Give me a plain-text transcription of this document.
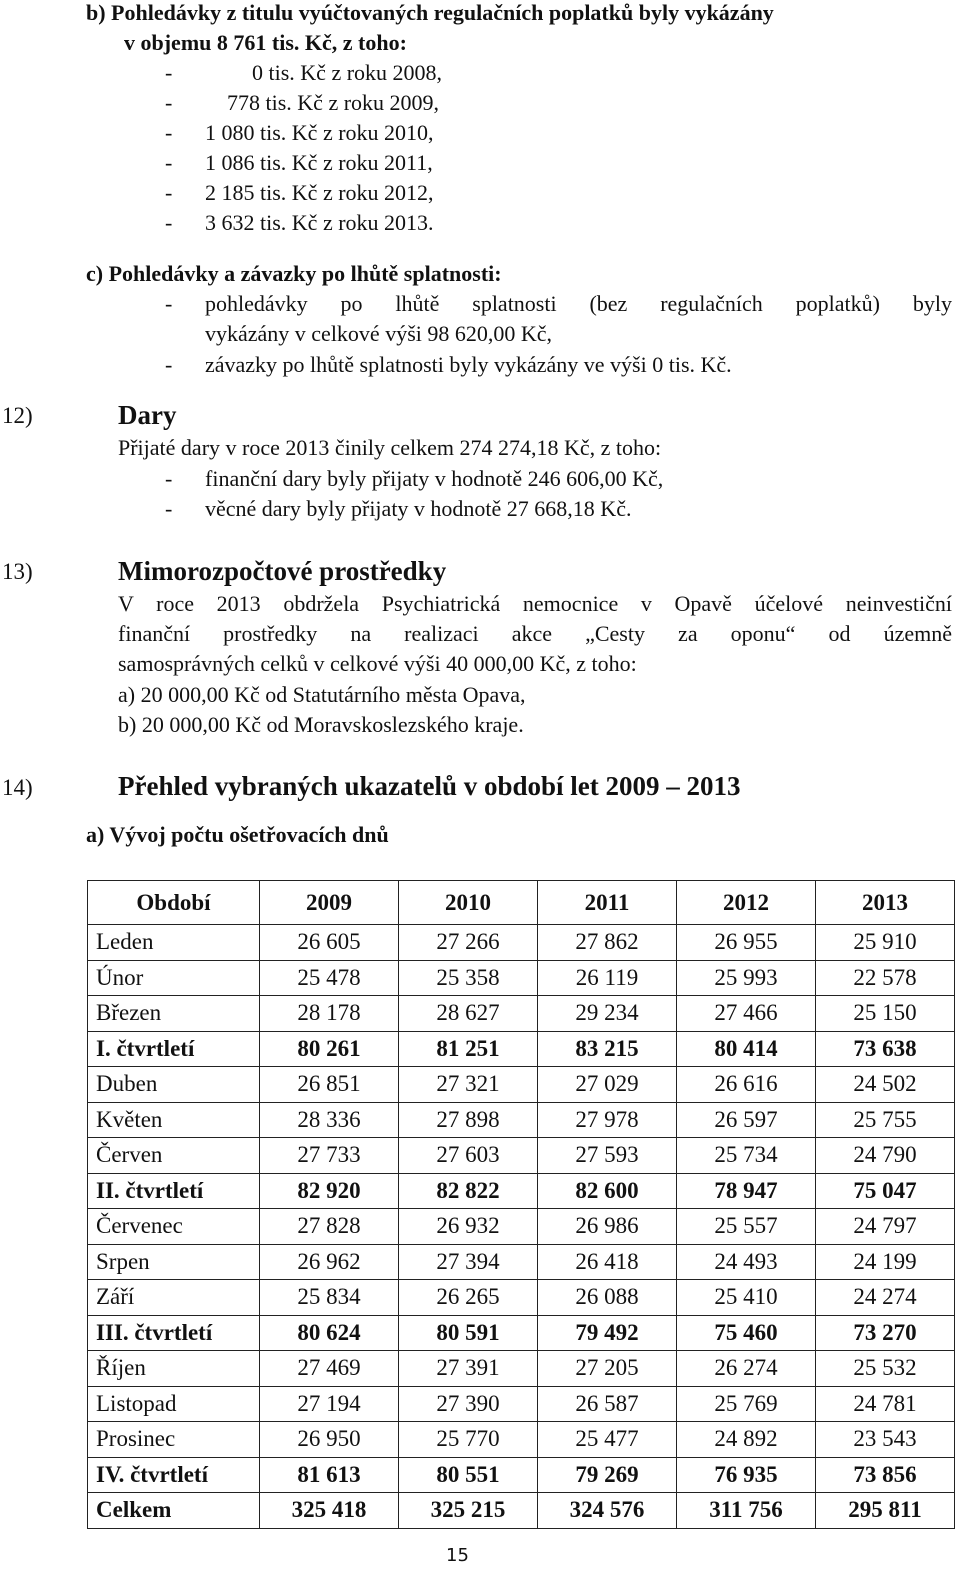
b) Pohledávky z titulu vyúčtovaných regulačních poplatků byly vykázány
v objemu 8 761 tis. Kč, z toho:
-	0 tis. Kč z roku 2008,
- 778 tis. Kč z roku 2009,
- 1 080 tis. Kč z roku 2010,
- 1 086 tis. Kč z roku 2011,
- 2 185 tis. Kč z roku 2012,
- 3 632 tis. Kč z roku 2013.
c) Pohledávky a závazky po lhůtě splatnosti:
- pohledávky po lhůtě splatnosti (bez regulačních poplatků) byly
vykázány v celkové výši 98 620,00 Kč,
- závazky po lhůtě splatnosti byly vykázány ve výši 0 tis. Kč.
12)	Dary
Přijaté dary v roce 2013 činily celkem 274 274,18 Kč, z toho:
- finanční dary byly přijaty v hodnotě 246 606,00 Kč,
- věcné dary byly přijaty v hodnotě 27 668,18 Kč.
13)	Mimorozpočtové prostředky
V roce 2013 obdržela Psychiatrická nemocnice v Opavě účelové neinvestiční
finanční prostředky na realizaci akce „Cesty za oponu“ od územně
samosprávných celků v celkové výši 40 000,00 Kč, z toho:
a) 20 000,00 Kč od Statutárního města Opava,
b) 20 000,00 Kč od Moravskoslezského kraje.
14)	Přehled vybraných ukazatelů v období let 2009 – 2013
a) Vývoj počtu ošetřovacích dnů
Období	2009	2010	2011	2012	2013
Leden	26 605	27 266	27 862	26 955	25 910
Únor	25 478	25 358	26 119	25 993	22 578
Březen	28 178	28 627	29 234	27 466	25 150
I. čtvrtletí	80 261	81 251	83 215	80 414	73 638
Duben	26 851	27 321	27 029	26 616	24 502
Květen	28 336	27 898	27 978	26 597	25 755
Červen	27 733	27 603	27 593	25 734	24 790
II. čtvrtletí	82 920	82 822	82 600	78 947	75 047
Červenec	27 828	26 932	26 986	25 557	24 797
Srpen	26 962	27 394	26 418	24 493	24 199
Září	25 834	26 265	26 088	25 410	24 274
III. čtvrtletí	80 624	80 591	79 492	75 460	73 270
Říjen	27 469	27 391	27 205	26 274	25 532
Listopad	27 194	27 390	26 587	25 769	24 781
Prosinec	26 950	25 770	25 477	24 892	23 543
IV. čtvrtletí	81 613	80 551	79 269	76 935	73 856
Celkem	325 418	325 215	324 576	311 756	295 811
15
